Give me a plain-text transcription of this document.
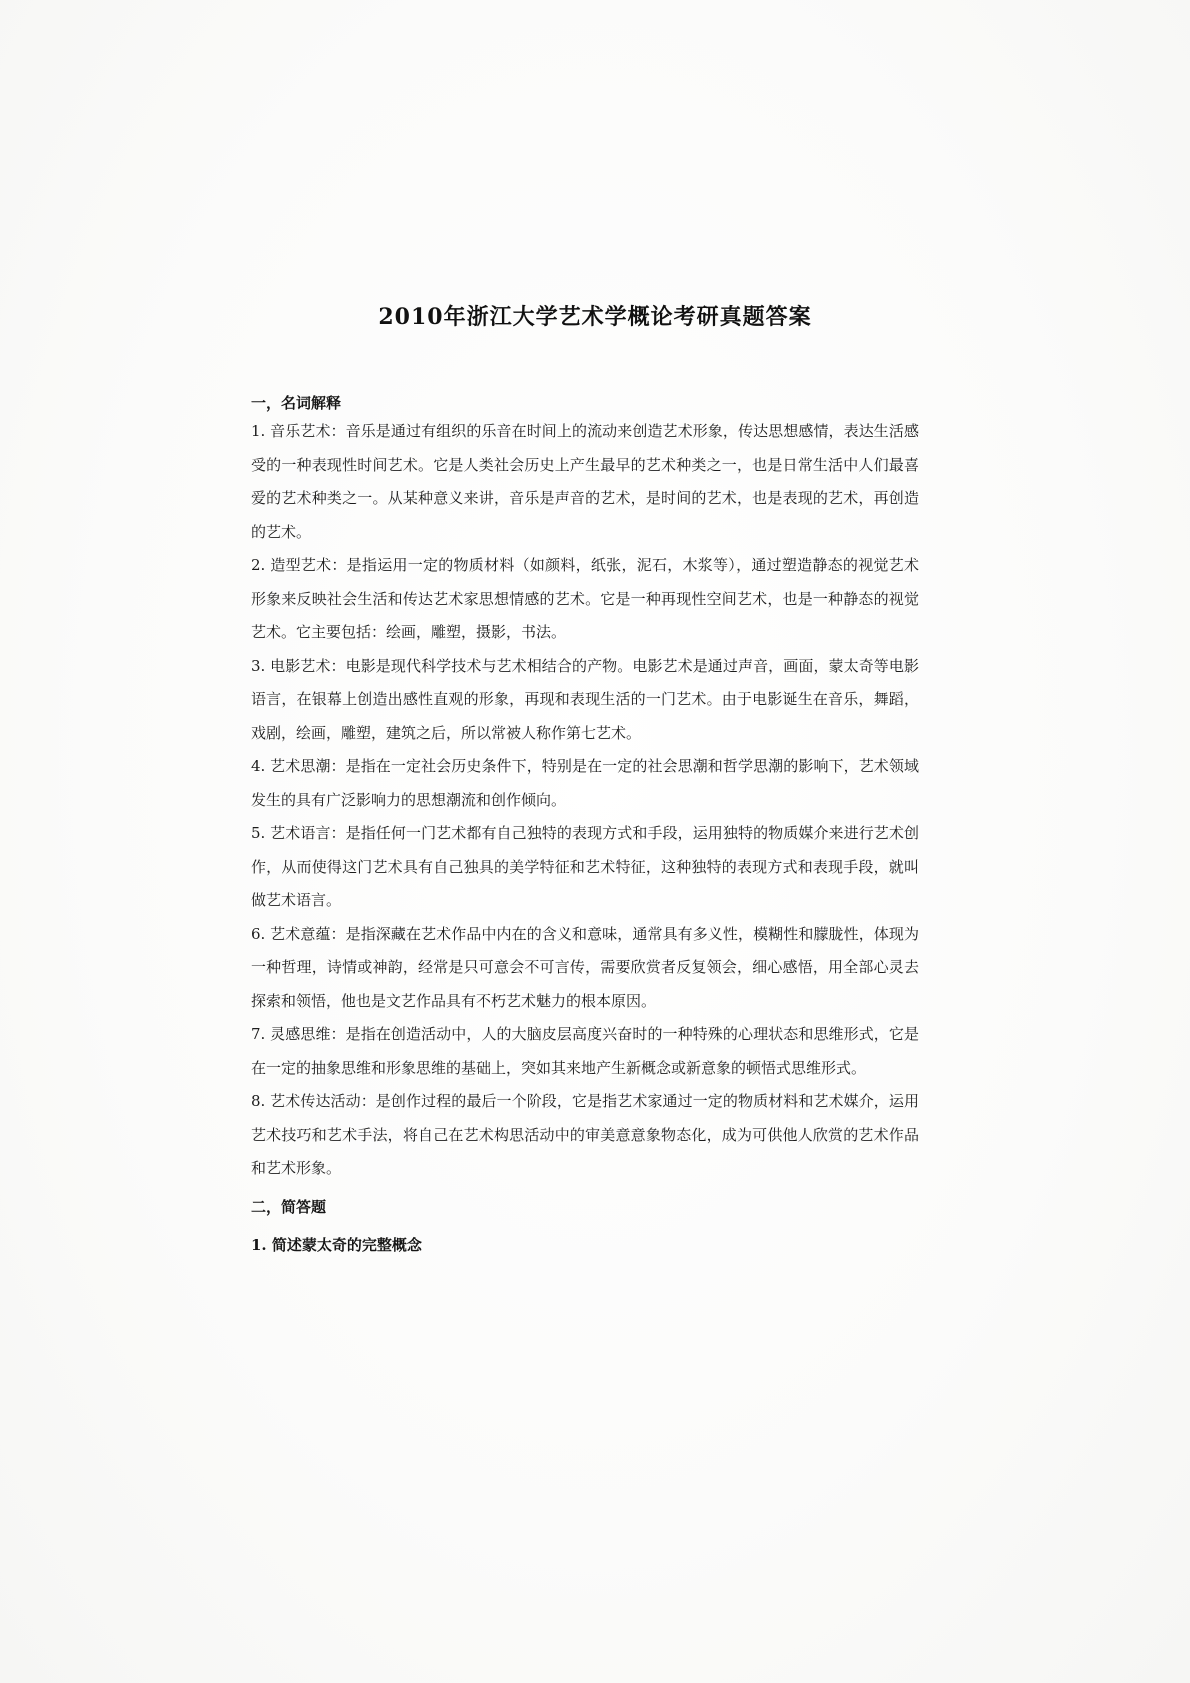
2010年浙江大学艺术学概论考研真题答案
一，名词解释

1. 音乐艺术：音乐是通过有组织的乐音在时间上的流动来创造艺术形象，传达思想感情，表达生活感受的一种表现性时间艺术。它是人类社会历史上产生最早的艺术种类之一，也是日常生活中人们最喜爱的艺术种类之一。从某种意义来讲，音乐是声音的艺术，是时间的艺术，也是表现的艺术，再创造的艺术。

2. 造型艺术：是指运用一定的物质材料（如颜料，纸张，泥石，木浆等），通过塑造静态的视觉艺术形象来反映社会生活和传达艺术家思想情感的艺术。它是一种再现性空间艺术，也是一种静态的视觉艺术。它主要包括：绘画，雕塑，摄影，书法。

3. 电影艺术：电影是现代科学技术与艺术相结合的产物。电影艺术是通过声音，画面，蒙太奇等电影语言，在银幕上创造出感性直观的形象，再现和表现生活的一门艺术。由于电影诞生在音乐，舞蹈，戏剧，绘画，雕塑，建筑之后，所以常被人称作第七艺术。

4. 艺术思潮：是指在一定社会历史条件下，特别是在一定的社会思潮和哲学思潮的影响下，艺术领域发生的具有广泛影响力的思想潮流和创作倾向。

5. 艺术语言：是指任何一门艺术都有自己独特的表现方式和手段，运用独特的物质媒介来进行艺术创作，从而使得这门艺术具有自己独具的美学特征和艺术特征，这种独特的表现方式和表现手段，就叫做艺术语言。

6. 艺术意蕴：是指深藏在艺术作品中内在的含义和意味，通常具有多义性，模糊性和朦胧性，体现为一种哲理，诗情或神韵，经常是只可意会不可言传，需要欣赏者反复领会，细心感悟，用全部心灵去探索和领悟，他也是文艺作品具有不朽艺术魅力的根本原因。

7. 灵感思维：是指在创造活动中，人的大脑皮层高度兴奋时的一种特殊的心理状态和思维形式，它是在一定的抽象思维和形象思维的基础上，突如其来地产生新概念或新意象的顿悟式思维形式。

8. 艺术传达活动：是创作过程的最后一个阶段，它是指艺术家通过一定的物质材料和艺术媒介，运用艺术技巧和艺术手法，将自己在艺术构思活动中的审美意意象物态化，成为可供他人欣赏的艺术作品和艺术形象。

二，简答题
1. 简述蒙太奇的完整概念
